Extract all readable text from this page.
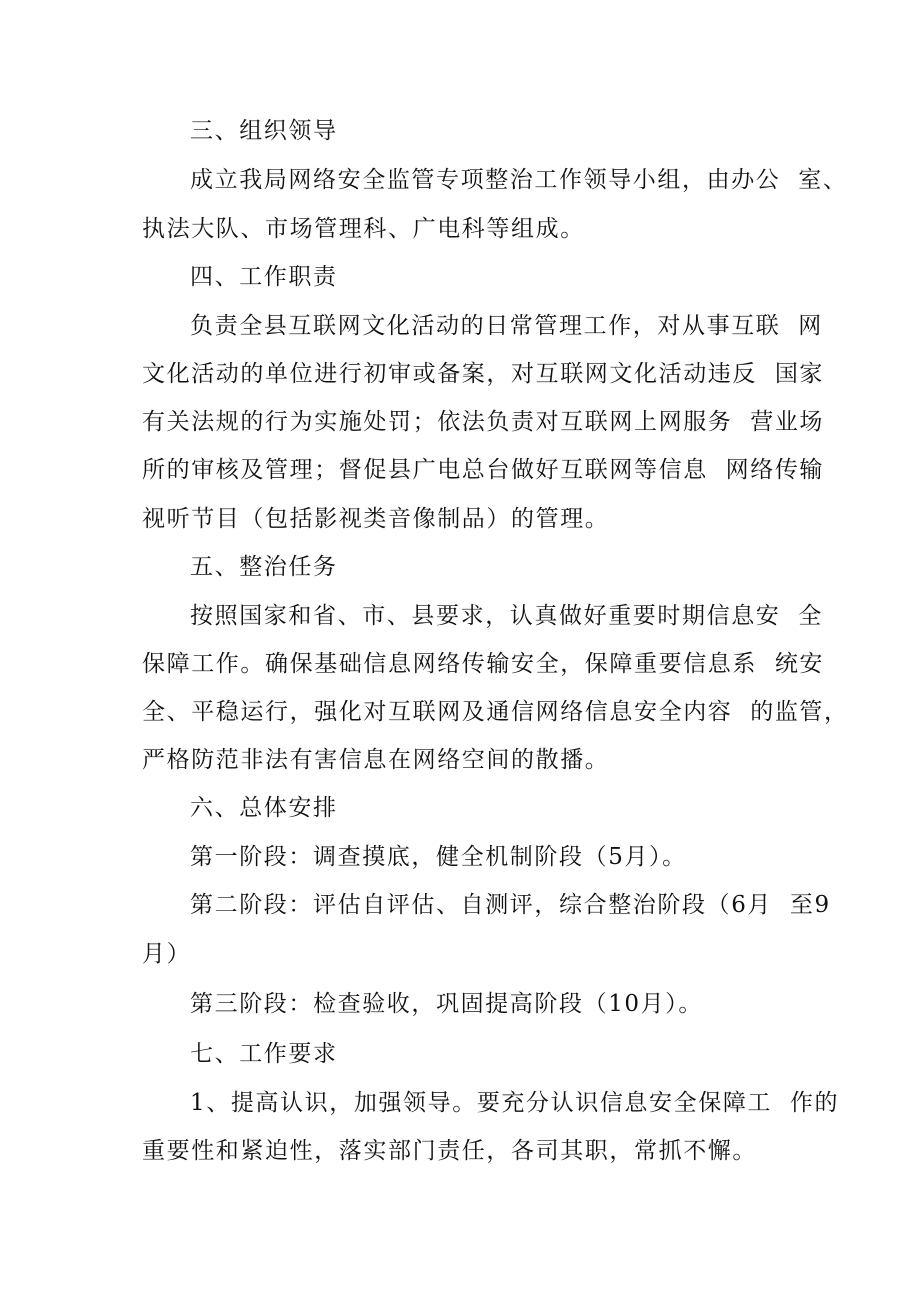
三、组织领导
成立我局网络安全监管专项整治工作领导小组，由办公  室、
执法大队、市场管理科、广电科等组成。
四、工作职责
负责全县互联网文化活动的日常管理工作，对从事互联  网
文化活动的单位进行初审或备案，对互联网文化活动违反  国家
有关法规的行为实施处罚；依法负责对互联网上网服务  营业场
所的审核及管理；督促县广电总台做好互联网等信息  网络传输
视听节目（包括影视类音像制品）的管理。
五、整治任务
按照国家和省、市、县要求，认真做好重要时期信息安  全
保障工作。确保基础信息网络传输安全，保障重要信息系  统安
全、平稳运行，强化对互联网及通信网络信息安全内容  的监管，
严格防范非法有害信息在网络空间的散播。
六、总体安排
第一阶段：调查摸底，健全机制阶段（5月）。
第二阶段：评估自评估、自测评，综合整治阶段（6月  至9
月）
第三阶段：检查验收，巩固提高阶段（10月）。
七、工作要求
1、提高认识，加强领导。要充分认识信息安全保障工  作的
重要性和紧迫性，落实部门责任，各司其职，常抓不懈。
